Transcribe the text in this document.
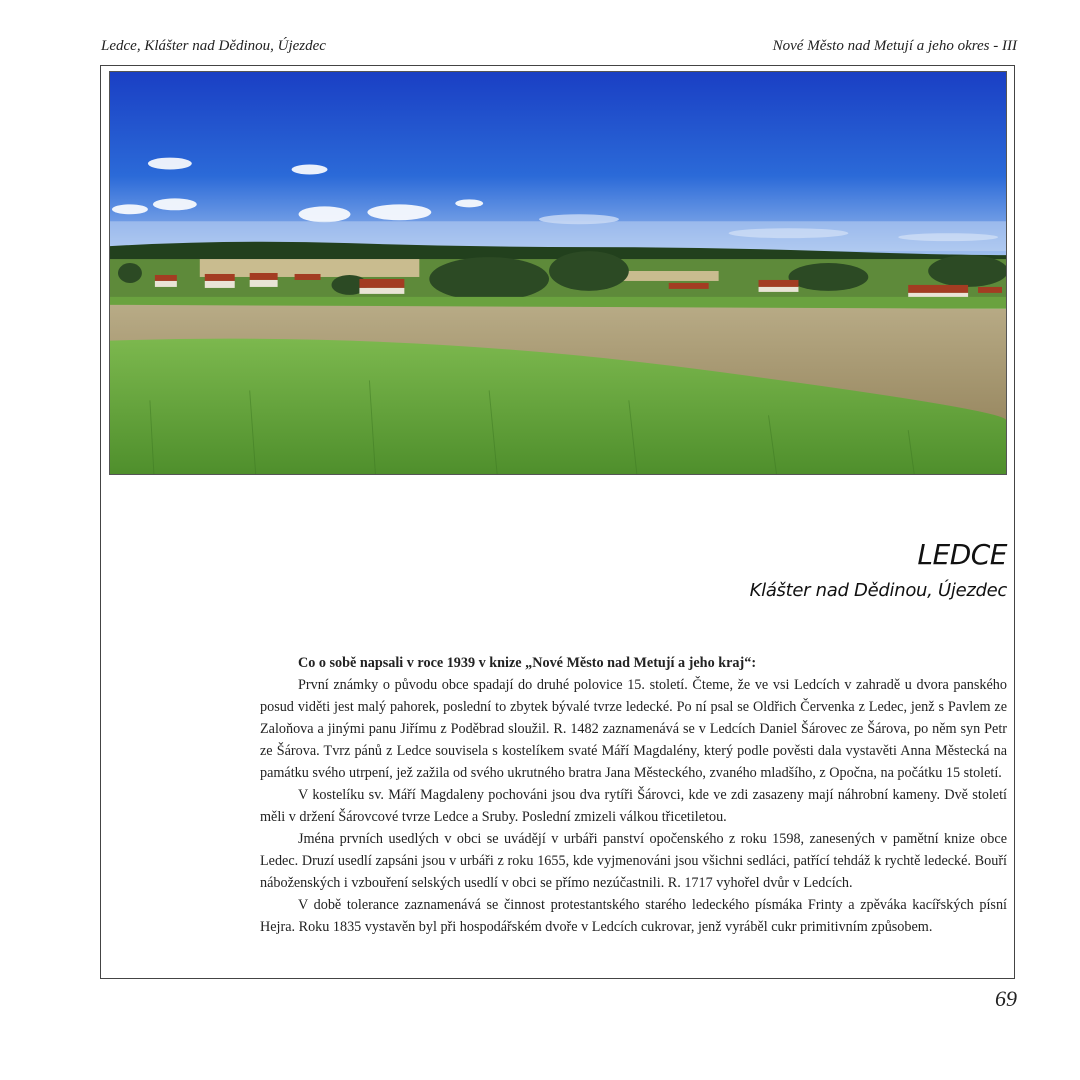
Ledce, Klášter nad Dědinou, Újezdec	Nové Město nad Metují a jeho okres - III
LEDCE
Klášter nad Dědinou, Újezdec

Co o sobě napsali v roce 1939 v knize „Nové Město nad Metují a jeho kraj“:

První známky o původu obce spadají do druhé polovice 15. století. Čteme, že ve vsi Ledcích v zahradě u dvora panského posud viděti jest malý pahorek, poslední to zbytek bývalé tvrze ledecké. Po ní psal se Oldřich Červenka z Ledec, jenž s Pavlem ze Zaloňova a jinými panu Jiřímu z Poděbrad sloužil. R. 1482 zaznamenává se v Ledcích Daniel Šárovec ze Šárova, po něm syn Petr ze Šárova. Tvrz pánů z Ledce souvisela s kostelíkem svaté Máří Magdalény, který podle pověsti dala vystavěti Anna Městecká na památku svého utrpení, jež zažila od svého ukrutného bratra Jana Městeckého, zvaného mladšího, z Opočna, na počátku 15 století.

V kostelíku sv. Máří Magdaleny pochováni jsou dva rytíři Šárovci, kde ve zdi zasazeny mají náhrobní kameny. Dvě století měli v držení Šárovcové tvrze Ledce a Sruby. Poslední zmizeli válkou třicetiletou.

Jména prvních usedlých v obci se uvádějí v urbáři panství opočenského z roku 1598, zanesených v pamětní knize obce Ledec. Druzí usedlí zapsáni jsou v urbáři z roku 1655, kde vyjmenováni jsou všichni sedláci, patřící tehdáž k rychtě ledecké. Bouří náboženských i vzbouření selských usedlí v obci se přímo nezúčastnili. R. 1717 vyhořel dvůr v Ledcích.

V době tolerance zaznamenává se činnost protestantského starého ledeckého písmáka Frinty a zpěváka kacířských písní Hejra. Roku 1835 vystavěn byl při hospodářském dvoře v Ledcích cukrovar, jenž vyráběl cukr primitivním způsobem.

69
